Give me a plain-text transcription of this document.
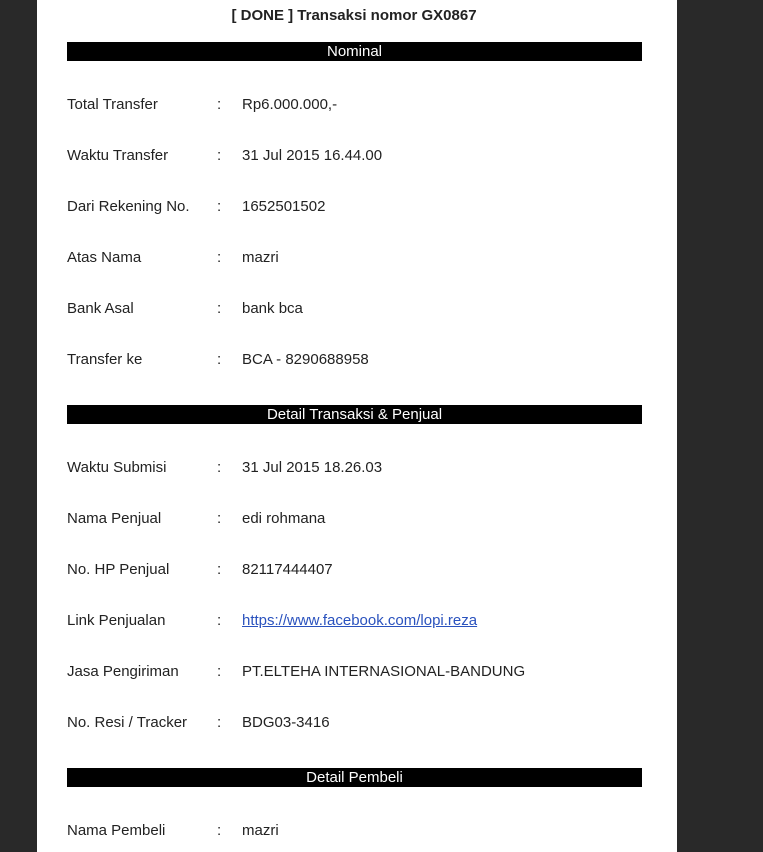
[ DONE ] Transaksi nomor GX0867
Nominal
Total Transfer	: Rp6.000.000,-
Waktu Transfer	: 31 Jul 2015 16.44.00
Dari Rekening No. : 1652501502
Atas Nama	: mazri
Bank Asal	: bank bca
Transfer ke	: BCA - 8290688958
Detail Transaksi & Penjual
Waktu Submisi	: 31 Jul 2015 18.26.03
Nama Penjual	: edi rohmana
No. HP Penjual	: 82117444407
Link Penjualan	: https://www.facebook.com/lopi.reza
Jasa Pengiriman	: PT.ELTEHA INTERNASIONAL-BANDUNG
No. Resi / Tracker : BDG03-3416
Detail Pembeli
Nama Pembeli	: mazri
